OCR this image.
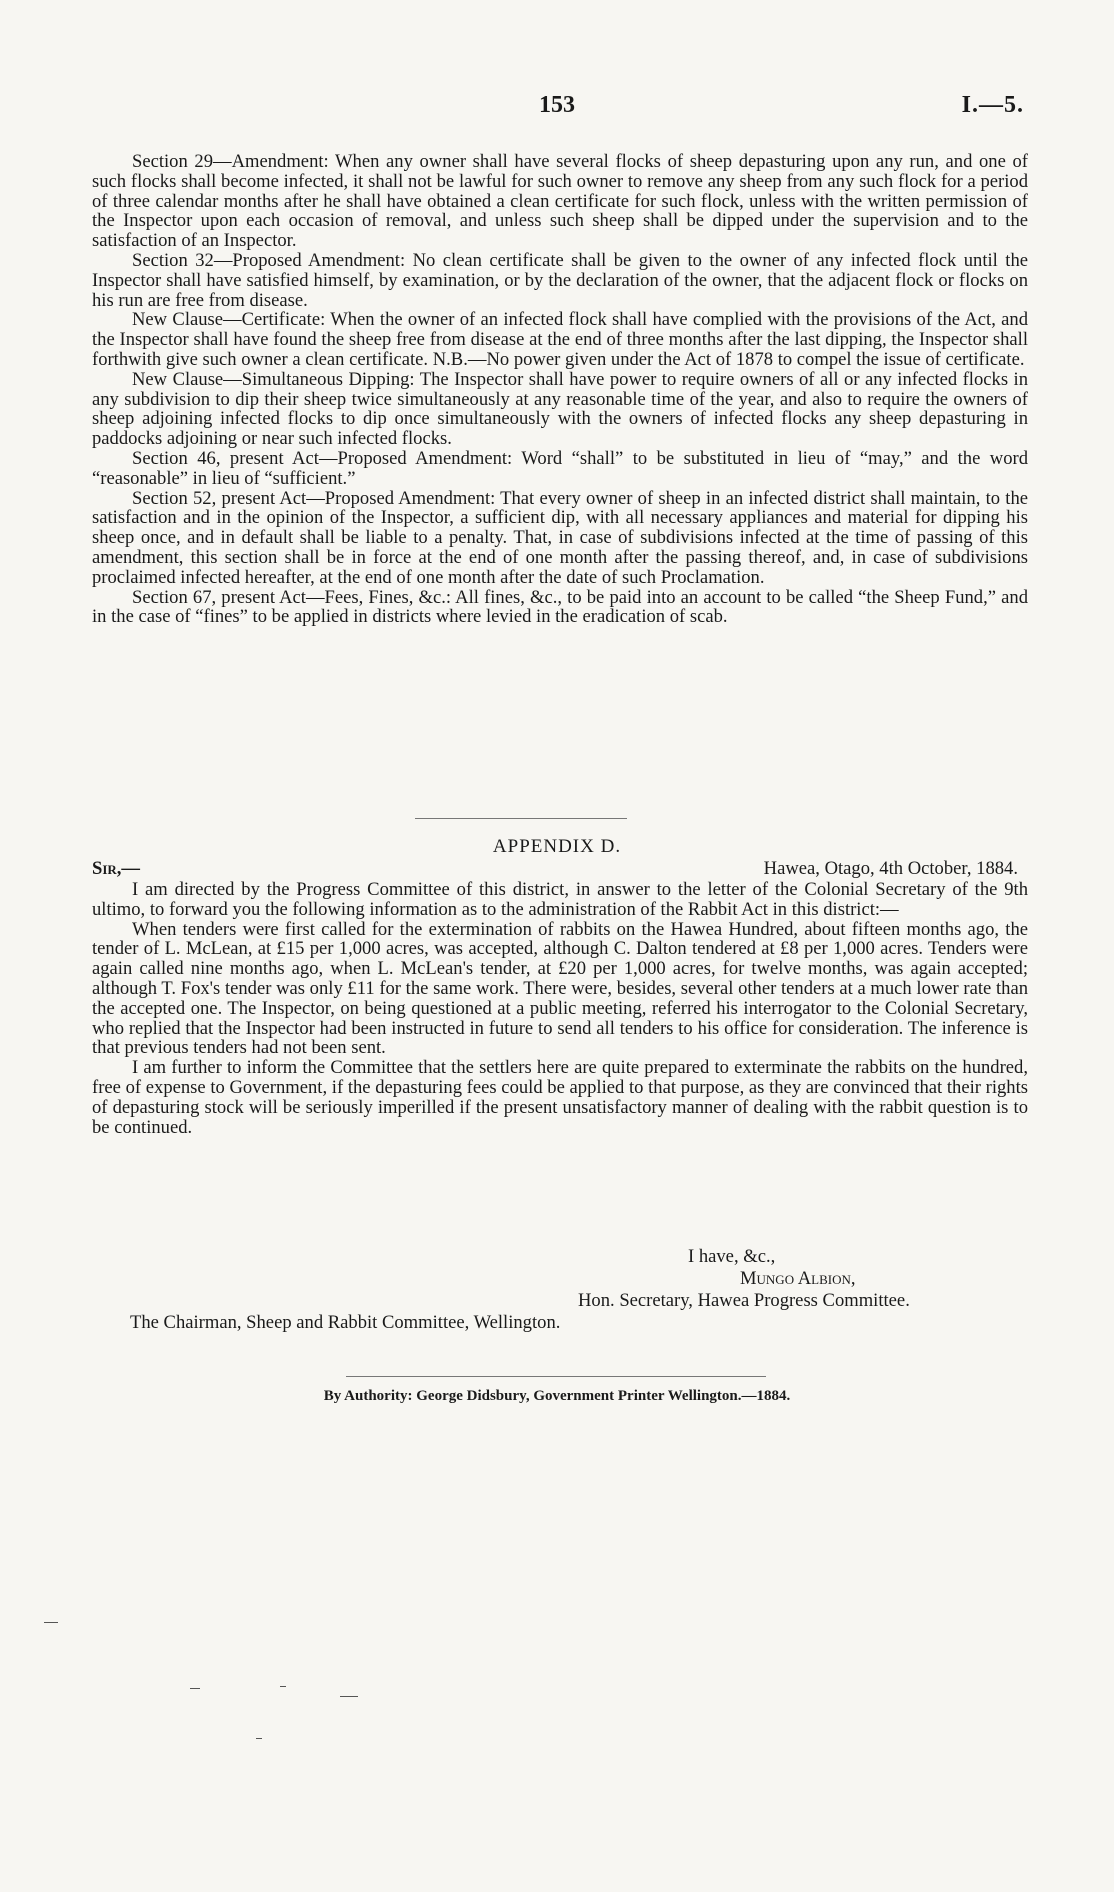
153	I.—5.

Section 29—Amendment: When any owner shall have several flocks of sheep depasturing upon any run, and one of such flocks shall become infected, it shall not be lawful for such owner to remove any sheep from any such flock for a period of three calendar months after he shall have obtained a clean certificate for such flock, unless with the written permission of the Inspector upon each occasion of removal, and unless such sheep shall be dipped under the supervision and to the satisfaction of an Inspector.

Section 32—Proposed Amendment: No clean certificate shall be given to the owner of any infected flock until the Inspector shall have satisfied himself, by examination, or by the declaration of the owner, that the adjacent flock or flocks on his run are free from disease.

New Clause—Certificate: When the owner of an infected flock shall have complied with the provisions of the Act, and the Inspector shall have found the sheep free from disease at the end of three months after the last dipping, the Inspector shall forthwith give such owner a clean certificate. N.B.—No power given under the Act of 1878 to compel the issue of certificate.

New Clause—Simultaneous Dipping: The Inspector shall have power to require owners of all or any infected flocks in any subdivision to dip their sheep twice simultaneously at any reasonable time of the year, and also to require the owners of sheep adjoining infected flocks to dip once simultaneously with the owners of infected flocks any sheep depasturing in paddocks adjoining or near such infected flocks.

Section 46, present Act—Proposed Amendment: Word “shall” to be substituted in lieu of “may,” and the word “reasonable” in lieu of “sufficient.”

Section 52, present Act—Proposed Amendment: That every owner of sheep in an infected district shall maintain, to the satisfaction and in the opinion of the Inspector, a sufficient dip, with all necessary appliances and material for dipping his sheep once, and in default shall be liable to a penalty. That, in case of subdivisions infected at the time of passing of this amendment, this section shall be in force at the end of one month after the passing thereof, and, in case of subdivisions proclaimed infected hereafter, at the end of one month after the date of such Proclamation.

Section 67, present Act—Fees, Fines, &c.: All fines, &c., to be paid into an account to be called “the Sheep Fund,” and in the case of “fines” to be applied in districts where levied in the eradication of scab.

APPENDIX D.
Sir,—	Hawea, Otago, 4th October, 1884.

I am directed by the Progress Committee of this district, in answer to the letter of the Colonial Secretary of the 9th ultimo, to forward you the following information as to the administration of the Rabbit Act in this district:—

When tenders were first called for the extermination of rabbits on the Hawea Hundred, about fifteen months ago, the tender of L. McLean, at £15 per 1,000 acres, was accepted, although C. Dalton tendered at £8 per 1,000 acres. Tenders were again called nine months ago, when L. McLean's tender, at £20 per 1,000 acres, for twelve months, was again accepted; although T. Fox's tender was only £11 for the same work. There were, besides, several other tenders at a much lower rate than the accepted one. The Inspector, on being questioned at a public meeting, referred his interrogator to the Colonial Secretary, who replied that the Inspector had been instructed in future to send all tenders to his office for consideration. The inference is that previous tenders had not been sent.

I am further to inform the Committee that the settlers here are quite prepared to exterminate the rabbits on the hundred, free of expense to Government, if the depasturing fees could be applied to that purpose, as they are convinced that their rights of depasturing stock will be seriously imperilled if the present unsatisfactory manner of dealing with the rabbit question is to be continued.

I have, &c.,
Mungo Albion,
Hon. Secretary, Hawea Progress Committee.
The Chairman, Sheep and Rabbit Committee, Wellington.
By Authority: George Didsbury, Government Printer Wellington.—1884.
